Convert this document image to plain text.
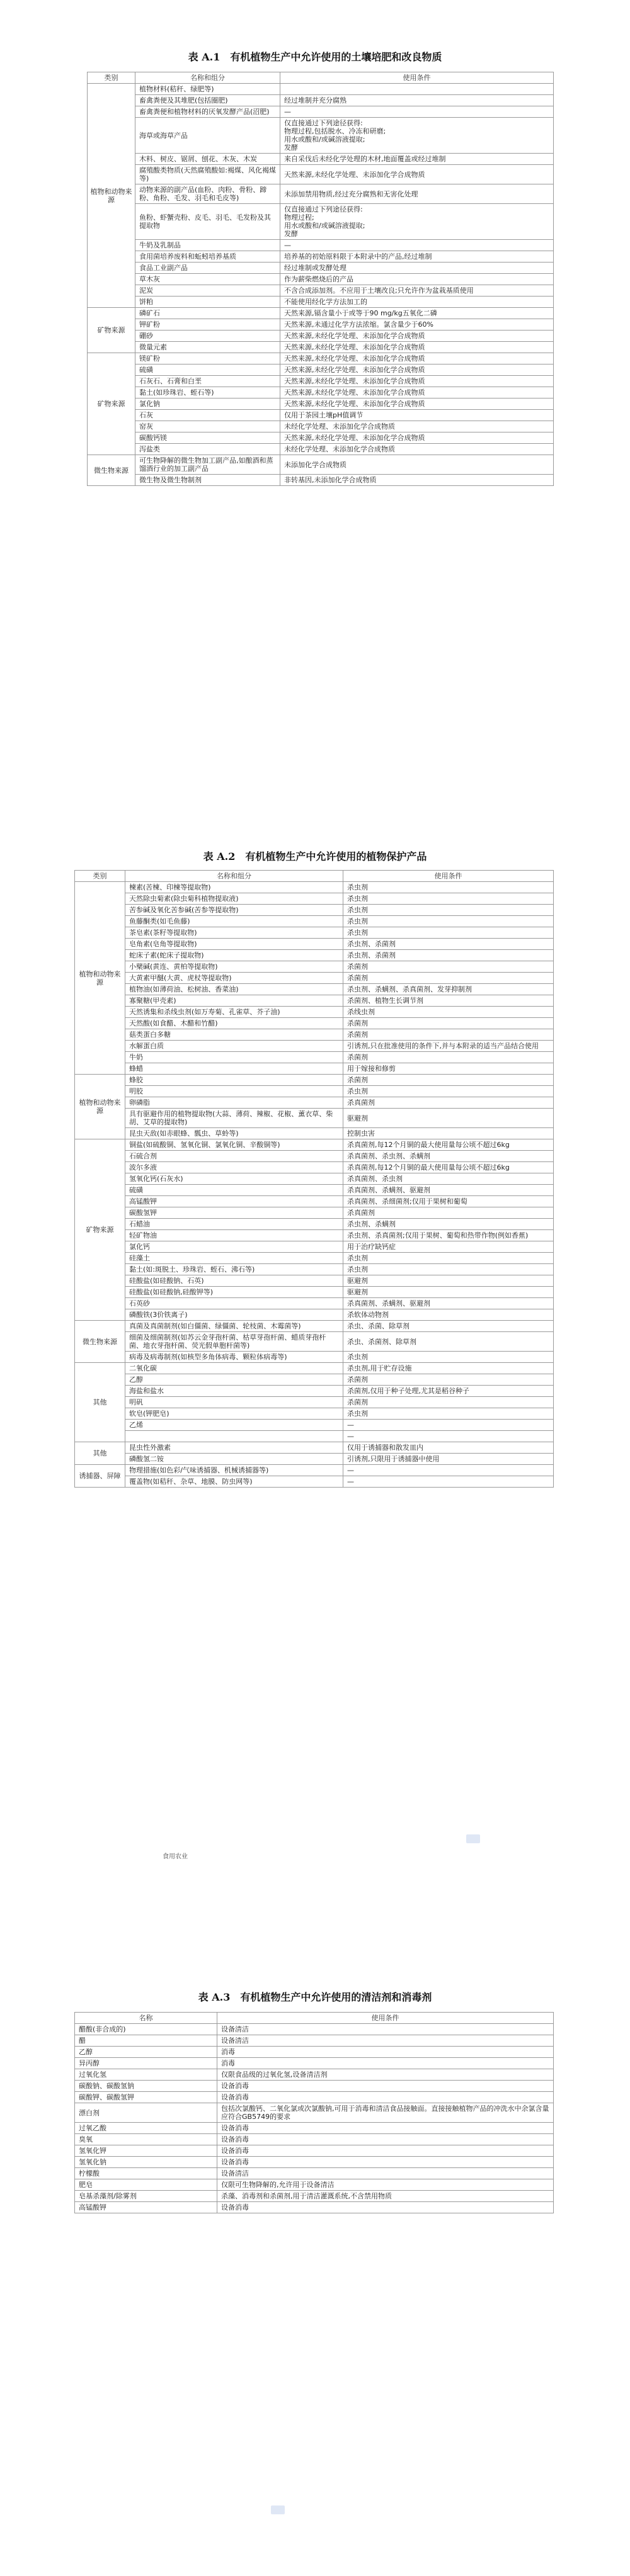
表 A.1　有机植物生产中允许使用的土壤培肥和改良物质
类别	名称和组分	使用条件
植物和动物来源	植物材料(秸秆、绿肥等)	
	畜禽粪便及其堆肥(包括圈肥)	经过堆制并充分腐熟
	畜禽粪便和植物材料的厌氧发酵产品(沼肥)	—
	海草或海草产品	仅直接通过下列途径获得:
物理过程,包括脱水、冷冻和研磨;
用水或酸和/或碱溶液提取;
发酵
	木料、树皮、锯屑、刨花、木灰、木炭	来自采伐后未经化学处理的木材,地面覆盖或经过堆制
	腐殖酸类物质(天然腐殖酸如:褐煤、风化褐煤等)	天然来源,未经化学处理、未添加化学合成物质
	动物来源的副产品(血粉、肉粉、骨粉、蹄粉、角粉、毛发、羽毛和毛皮等)	未添加禁用物质,经过充分腐熟和无害化处理
	鱼粉、虾蟹壳粉、皮毛、羽毛、毛发粉及其提取物	仅直接通过下列途径获得:
物理过程;
用水或酸和/或碱溶液提取;
发酵
	牛奶及乳制品	—
	食用菌培养废料和蚯蚓培养基质	培养基的初始原料限于本附录中的产品,经过堆制
	食品工业副产品	经过堆制或发酵处理
	草木灰	作为薪柴燃烧后的产品
	泥炭	不含合成添加剂。不应用于土壤改良;只允许作为盆栽基质使用
	饼粕	不能使用经化学方法加工的
矿物来源	磷矿石	天然来源,镉含量小于或等于90 mg/kg五氧化二磷
	钾矿粉	天然来源,未通过化学方法浓缩。氯含量少于60%
	硼砂	天然来源,未经化学处理、未添加化学合成物质
	微量元素	天然来源,未经化学处理、未添加化学合成物质
矿物来源	镁矿粉	天然来源,未经化学处理、未添加化学合成物质
	硫磺	天然来源,未经化学处理、未添加化学合成物质
	石灰石、石膏和白垩	天然来源,未经化学处理、未添加化学合成物质
	黏土(如珍珠岩、蛭石等)	天然来源,未经化学处理、未添加化学合成物质
	氯化钠	天然来源,未经化学处理、未添加化学合成物质
	石灰	仅用于茶园土壤pH值调节
	窑灰	未经化学处理、未添加化学合成物质
	碳酸钙镁	天然来源,未经化学处理、未添加化学合成物质
	泻盐类	未经化学处理、未添加化学合成物质
微生物来源	可生物降解的微生物加工副产品,如酿酒和蒸馏酒行业的加工副产品	未添加化学合成物质
	微生物及微生物制剂	非转基因,未添加化学合成物质
表 A.2　有机植物生产中允许使用的植物保护产品
类别	名称和组分	使用条件
植物和动物来源	楝素(苦楝、印楝等提取物)	杀虫剂
	天然除虫菊素(除虫菊科植物提取液)	杀虫剂
	苦参碱及氧化苦参碱(苦参等提取物)	杀虫剂
	鱼藤酮类(如毛鱼藤)	杀虫剂
	茶皂素(茶籽等提取物)	杀虫剂
	皂角素(皂角等提取物)	杀虫剂、杀菌剂
	蛇床子素(蛇床子提取物)	杀虫剂、杀菌剂
	小檗碱(黄连、黄柏等提取物)	杀菌剂
	大黄素甲醚(大黄、虎杖等提取物)	杀菌剂
	植物油(如薄荷油、松树油、香菜油)	杀虫剂、杀螨剂、杀真菌剂、发芽抑制剂
	寡聚糖(甲壳素)	杀菌剂、植物生长调节剂
	天然诱集和杀线虫剂(如万寿菊、孔雀草、芥子油)	杀线虫剂
	天然酸(如食醋、木醋和竹醋)	杀菌剂
	菇类蛋白多糖	杀菌剂
	水解蛋白质	引诱剂,只在批准使用的条件下,并与本附录的适当产品结合使用
	牛奶	杀菌剂
	蜂蜡	用于嫁接和修剪
植物和动物来源	蜂胶	杀菌剂
	明胶	杀虫剂
	卵磷脂	杀真菌剂
	具有驱避作用的植物提取物(大蒜、薄荷、辣椒、花椒、薰衣草、柴胡、艾草的提取物)	驱避剂
	昆虫天敌(如赤眼蜂、瓢虫、草蛉等)	控制虫害
矿物来源	铜盐(如硫酸铜、氢氧化铜、氯氧化铜、辛酸铜等)	杀真菌剂,每12个月铜的最大使用量每公顷不超过6kg
	石硫合剂	杀真菌剂、杀虫剂、杀螨剂
	波尔多液	杀真菌剂,每12个月铜的最大使用量每公顷不超过6kg
	氢氧化钙(石灰水)	杀真菌剂、杀虫剂
	硫磺	杀真菌剂、杀螨剂、驱避剂
	高锰酸钾	杀真菌剂、杀细菌剂;仅用于果树和葡萄
	碳酸氢钾	杀真菌剂
	石蜡油	杀虫剂、杀螨剂
	轻矿物油	杀虫剂、杀真菌剂;仅用于果树、葡萄和热带作物(例如香蕉)
	氯化钙	用于治疗缺钙症
	硅藻土	杀虫剂
	黏土(如:斑脱土、珍珠岩、蛭石、沸石等)	杀虫剂
	硅酸盐(如硅酸钠、石英)	驱避剂
	硅酸盐(如硅酸钠,硅酸钾等)	驱避剂
	石英砂	杀真菌剂、杀螨剂、驱避剂
	磷酸铁(3价铁离子)	杀软体动物剂
微生物来源	真菌及真菌制剂(如白僵菌、绿僵菌、轮枝菌、木霉菌等)	杀虫、杀菌、除草剂
	细菌及细菌制剂(如苏云金芽孢杆菌、枯草芽孢杆菌、蜡质芽孢杆菌、地衣芽孢杆菌、荧光假单胞杆菌等)	杀虫、杀菌剂、除草剂
	病毒及病毒制剂(如核型多角体病毒、颗粒体病毒等)	杀虫剂
其他	二氧化碳	杀虫剂,用于贮存设施
	乙醇	杀菌剂
	海盐和盐水	杀菌剂,仅用于种子处理,尤其是稻谷种子
	明矾	杀菌剂
	软皂(钾肥皂)	杀虫剂
	乙烯	—
		—
其他	昆虫性外激素	仅用于诱捕器和散发皿内
	磷酸氢二铵	引诱剂,只限用于诱捕器中使用
诱捕器、屏障	物理措施(如色彩/气味诱捕器、机械诱捕器等)	—
	覆盖物(如秸秆、杂草、地膜、防虫网等)	—
食用农业
表 A.3　有机植物生产中允许使用的清洁剂和消毒剂
名称	使用条件
醋酸(非合成的)	设备清洁
醋	设备清洁
乙醇	消毒
异丙醇	消毒
过氧化氢	仅限食品级的过氧化氢,设备清洁剂
碳酸钠、碳酸氢钠	设备消毒
碳酸钾、碳酸氢钾	设备消毒
漂白剂	包括次氯酸钙、二氧化氯或次氯酸钠,可用于消毒和清洁食品接触面。直接接触植物产品的冲洗水中余氯含量应符合GB5749的要求
过氧乙酸	设备消毒
臭氧	设备消毒
氢氧化钾	设备消毒
氢氧化钠	设备消毒
柠檬酸	设备清洁
肥皂	仅限可生物降解的,允许用于设备清洁
皂基杀藻剂/除雾剂	杀藻、消毒剂和杀菌剂,用于清洁灌溉系统,不含禁用物质
高锰酸钾	设备消毒
